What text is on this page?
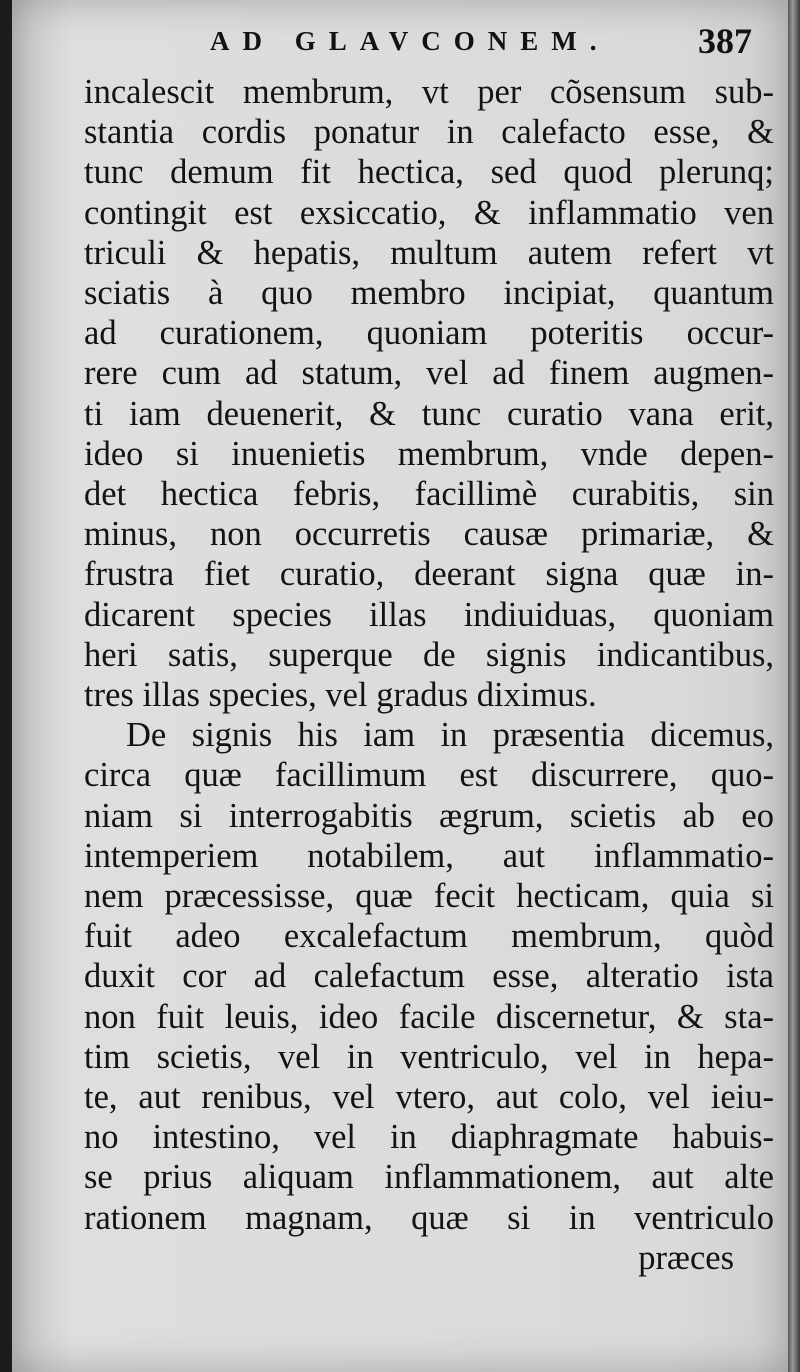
AD GLAVCONEM. 387
incalescit membrum, vt per cõsensum sub-
stantia cordis ponatur in calefacto esse, &
tunc demum fit hectica, sed quod plerunq;
contingit est exsiccatio, & inflammatio ven
triculi & hepatis, multum autem refert vt
sciatis à quo membro incipiat, quantum
ad curationem, quoniam poteritis occur-
rere cum ad statum, vel ad finem augmen-
ti iam deuenerit, & tunc curatio vana erit,
ideo si inuenietis membrum, vnde depen-
det hectica febris, facillimè curabitis, sin
minus, non occurretis causæ primariæ, &
frustra fiet curatio, deerant signa quæ in-
dicarent species illas indiuiduas, quoniam
heri satis, superque de signis indicantibus,
tres illas species, vel gradus diximus.
De signis his iam in præsentia dicemus,
circa quæ facillimum est discurrere, quo-
niam si interrogabitis ægrum, scietis ab eo
intemperiem notabilem, aut inflammatio-
nem præcessisse, quæ fecit hecticam, quia si
fuit adeo excalefactum membrum, quòd
duxit cor ad calefactum esse, alteratio ista
non fuit leuis, ideo facile discernetur, & sta-
tim scietis, vel in ventriculo, vel in hepa-
te, aut renibus, vel vtero, aut colo, vel ieiu-
no intestino, vel in diaphragmate habuis-
se prius aliquam inflammationem, aut alte
rationem magnam, quæ si in ventriculo
præces
